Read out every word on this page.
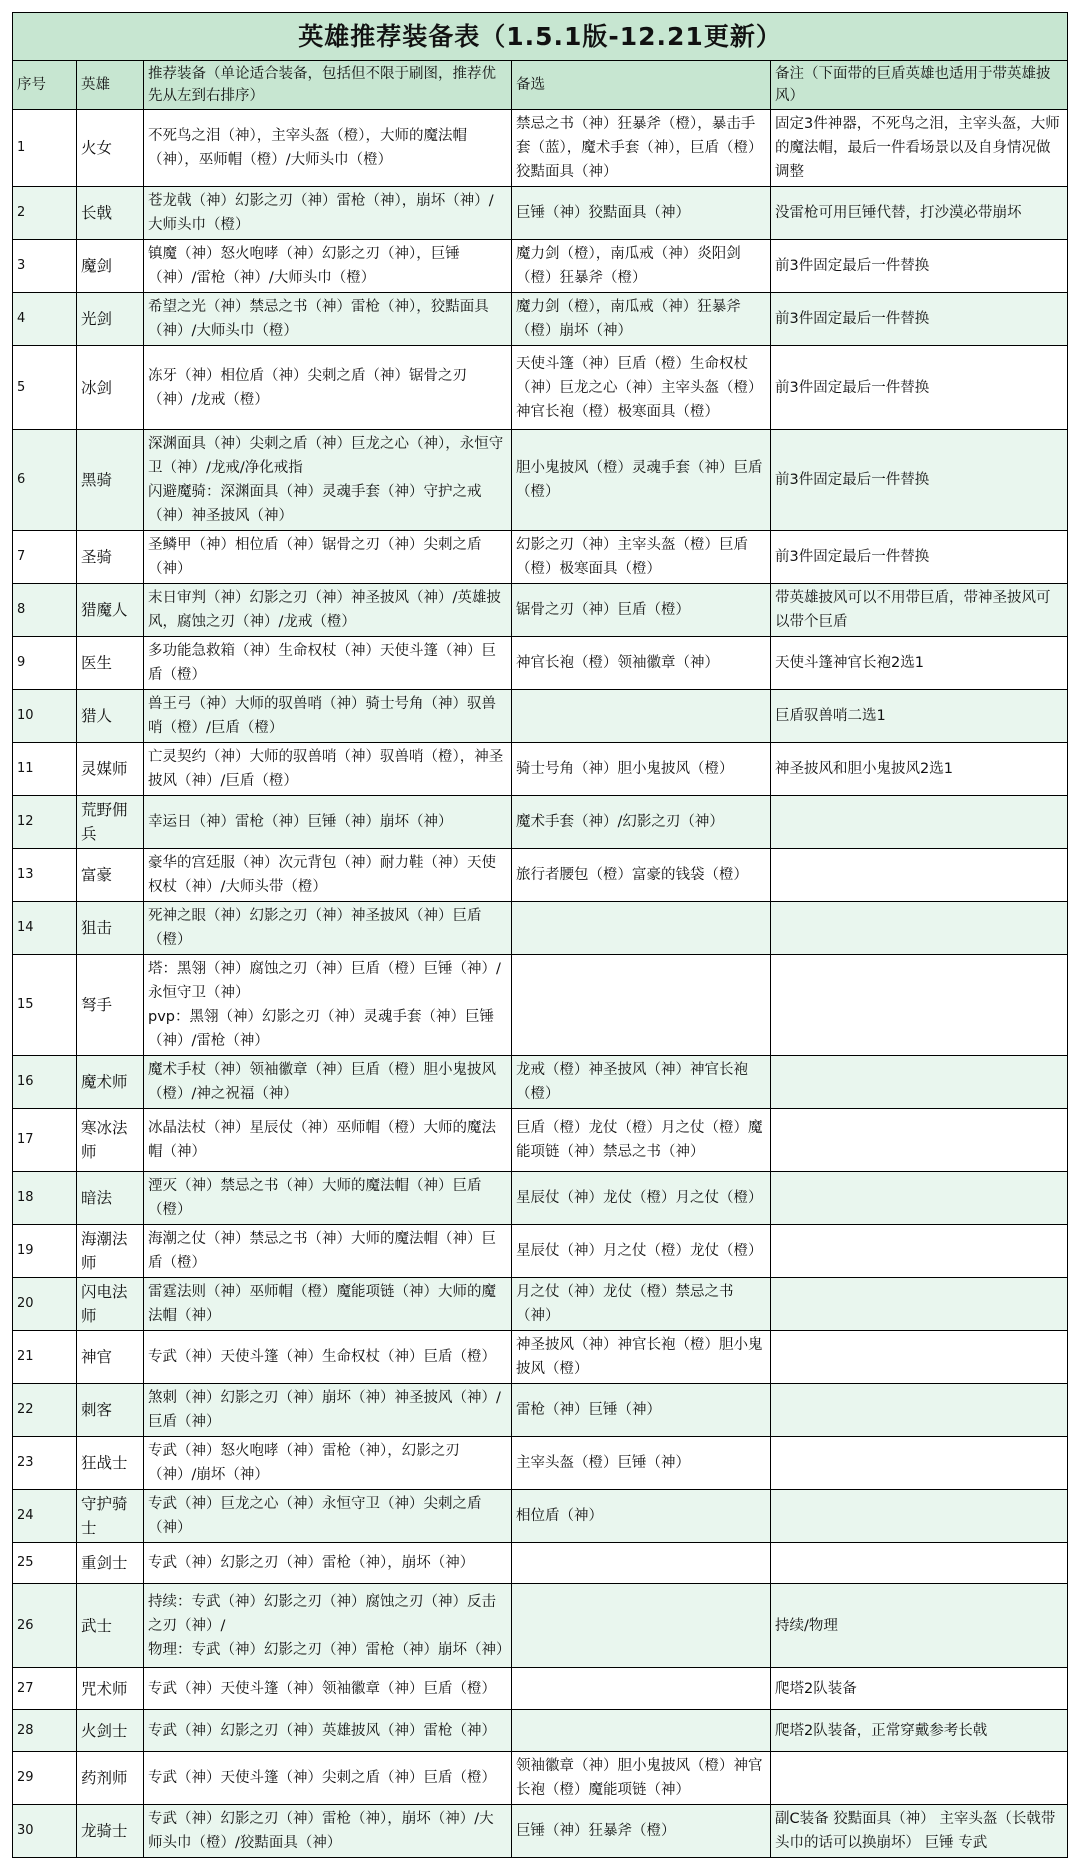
英雄推荐装备表（1.5.1版-12.21更新）				
序号	英雄	推荐装备（单论适合装备，包括但不限于刷图，推荐优先从左到右排序）	备选	备注（下面带的巨盾英雄也适用于带英雄披风）
1	火女	不死鸟之泪（神），主宰头盔（橙），大师的魔法帽（神），巫师帽（橙）/大师头巾（橙）	禁忌之书（神）狂暴斧（橙），暴击手套（蓝），魔术手套（神），巨盾（橙）狡黠面具（神）	固定3件神器，不死鸟之泪，主宰头盔，大师的魔法帽，最后一件看场景以及自身情况做调整
2	长戟	苍龙戟（神）幻影之刃（神）雷枪（神），崩坏（神）/大师头巾（橙）	巨锤（神）狡黠面具（神）	没雷枪可用巨锤代替，打沙漠必带崩坏
3	魔剑	镇魔（神）怒火咆哮（神）幻影之刃（神），巨锤（神）/雷枪（神）/大师头巾（橙）	魔力剑（橙），南瓜戒（神）炎阳剑（橙）狂暴斧（橙）	前3件固定最后一件替换
4	光剑	希望之光（神）禁忌之书（神）雷枪（神），狡黠面具（神）/大师头巾（橙）	魔力剑（橙），南瓜戒（神）狂暴斧（橙）崩坏（神）	前3件固定最后一件替换
5	冰剑	冻牙（神）相位盾（神）尖刺之盾（神）锯骨之刃（神）/龙戒（橙）	天使斗篷（神）巨盾（橙）生命权杖（神）巨龙之心（神）主宰头盔（橙）神官长袍（橙）极寒面具（橙）	前3件固定最后一件替换
6	黑骑	深渊面具（神）尖刺之盾（神）巨龙之心（神），永恒守卫（神）/龙戒/净化戒指
闪避魔骑：深渊面具（神）灵魂手套（神）守护之戒（神）神圣披风（神）	胆小鬼披风（橙）灵魂手套（神）巨盾（橙）	前3件固定最后一件替换
7	圣骑	圣鳞甲（神）相位盾（神）锯骨之刃（神）尖刺之盾（神）	幻影之刃（神）主宰头盔（橙）巨盾（橙）极寒面具（橙）	前3件固定最后一件替换
8	猎魔人	末日审判（神）幻影之刃（神）神圣披风（神）/英雄披风，腐蚀之刃（神）/龙戒（橙）	锯骨之刃（神）巨盾（橙）	带英雄披风可以不用带巨盾，带神圣披风可以带个巨盾
9	医生	多功能急救箱（神）生命权杖（神）天使斗篷（神）巨盾（橙）	神官长袍（橙）领袖徽章（神）	天使斗篷神官长袍2选1
10	猎人	兽王弓（神）大师的驭兽哨（神）骑士号角（神）驭兽哨（橙）/巨盾（橙）		巨盾驭兽哨二选1
11	灵媒师	亡灵契约（神）大师的驭兽哨（神）驭兽哨（橙），神圣披风（神）/巨盾（橙）	骑士号角（神）胆小鬼披风（橙）	神圣披风和胆小鬼披风2选1
12	荒野佣兵	幸运日（神）雷枪（神）巨锤（神）崩坏（神）	魔术手套（神）/幻影之刃（神）	
13	富豪	豪华的宫廷服（神）次元背包（神）耐力鞋（神）天使权杖（神）/大师头带（橙）	旅行者腰包（橙）富豪的钱袋（橙）	
14	狙击	死神之眼（神）幻影之刃（神）神圣披风（神）巨盾（橙）		
15	弩手	塔：黑翎（神）腐蚀之刃（神）巨盾（橙）巨锤（神）/永恒守卫（神）
pvp：黑翎（神）幻影之刃（神）灵魂手套（神）巨锤（神）/雷枪（神）		
16	魔术师	魔术手杖（神）领袖徽章（神）巨盾（橙）胆小鬼披风（橙）/神之祝福（神）	龙戒（橙）神圣披风（神）神官长袍（橙）	
17	寒冰法师	冰晶法杖（神）星辰仗（神）巫师帽（橙）大师的魔法帽（神）	巨盾（橙）龙仗（橙）月之仗（橙）魔能项链（神）禁忌之书（神）	
18	暗法	湮灭（神）禁忌之书（神）大师的魔法帽（神）巨盾（橙）	星辰仗（神）龙仗（橙）月之仗（橙）	
19	海潮法师	海潮之仗（神）禁忌之书（神）大师的魔法帽（神）巨盾（橙）	星辰仗（神）月之仗（橙）龙仗（橙）	
20	闪电法师	雷霆法则（神）巫师帽（橙）魔能项链（神）大师的魔法帽（神）	月之仗（神）龙仗（橙）禁忌之书（神）	
21	神官	专武（神）天使斗篷（神）生命权杖（神）巨盾（橙）	神圣披风（神）神官长袍（橙）胆小鬼披风（橙）	
22	刺客	煞刺（神）幻影之刃（神）崩坏（神）神圣披风（神）/巨盾（神）	雷枪（神）巨锤（神）	
23	狂战士	专武（神）怒火咆哮（神）雷枪（神），幻影之刃（神）/崩坏（神）	主宰头盔（橙）巨锤（神）	
24	守护骑士	专武（神）巨龙之心（神）永恒守卫（神）尖刺之盾（神）	相位盾（神）	
25	重剑士	专武（神）幻影之刃（神）雷枪（神），崩坏（神）		
26	武士	持续：专武（神）幻影之刃（神）腐蚀之刃（神）反击之刃（神）/
物理：专武（神）幻影之刃（神）雷枪（神）崩坏（神）		持续/物理
27	咒术师	专武（神）天使斗篷（神）领袖徽章（神）巨盾（橙）		爬塔2队装备
28	火剑士	专武（神）幻影之刃（神）英雄披风（神）雷枪（神）		爬塔2队装备，正常穿戴参考长戟
29	药剂师	专武（神）天使斗篷（神）尖刺之盾（神）巨盾（橙）	领袖徽章（神）胆小鬼披风（橙）神官长袍（橙）魔能项链（神）	
30	龙骑士	专武（神）幻影之刃（神）雷枪（神），崩坏（神）/大师头巾（橙）/狡黠面具（神）	巨锤（神）狂暴斧（橙）	副C装备 狡黠面具（神） 主宰头盔（长戟带头巾的话可以换崩坏） 巨锤 专武
